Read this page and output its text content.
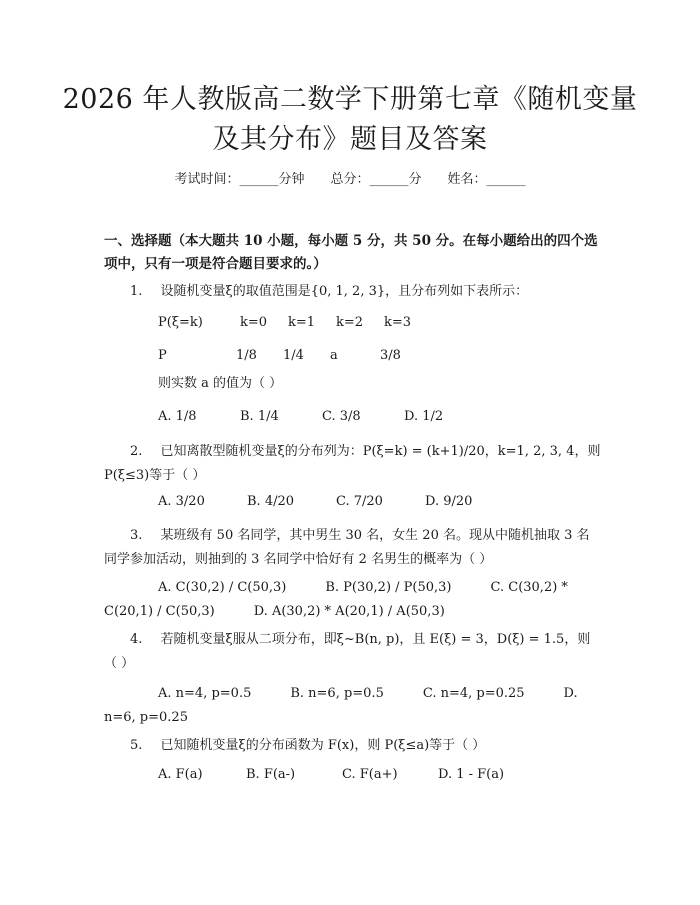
2026 年人教版高二数学下册第七章《随机变量及其分布》题目及答案
考试时间：______分钟　　总分：______分　　姓名：______
一、选择题（本大题共 10 小题，每小题 5 分，共 50 分。在每小题给出的四个选项中，只有一项是符合题目要求的。）
1. 设随机变量ξ的取值范围是{0, 1, 2, 3}，且分布列如下表所示：
P(ξ=k)	k=0 k=1 k=2 k=3
P	1/8 1/4 a	3/8
则实数 a 的值为（ ）
A. 1/8	B. 1/4	C. 3/8	D. 1/2
2. 已知离散型随机变量ξ的分布列为：P(ξ=k) = (k+1)/20，k=1, 2, 3, 4，则 P(ξ≤3)等于（ ）
A. 3/20	B. 4/20	C. 7/20	D. 9/20
3. 某班级有 50 名同学，其中男生 30 名，女生 20 名。现从中随机抽取 3 名同学参加活动，则抽到的 3 名同学中恰好有 2 名男生的概率为（ ）
A. C(30,2) / C(50,3)　　　B. P(30,2) / P(50,3)　　　C. C(30,2) * C(20,1) / C(50,3)　　　D. A(30,2) * A(20,1) / A(50,3)
4. 若随机变量ξ服从二项分布，即ξ~B(n, p)，且 E(ξ) = 3，D(ξ) = 1.5，则（ ）
A. n=4, p=0.5　　　B. n=6, p=0.5　　　C. n=4, p=0.25　　　D. n=6, p=0.25
5. 已知随机变量ξ的分布函数为 F(x)，则 P(ξ≤a)等于（ ）
A. F(a)	B. F(a-)	C. F(a+)	D. 1 - F(a)
